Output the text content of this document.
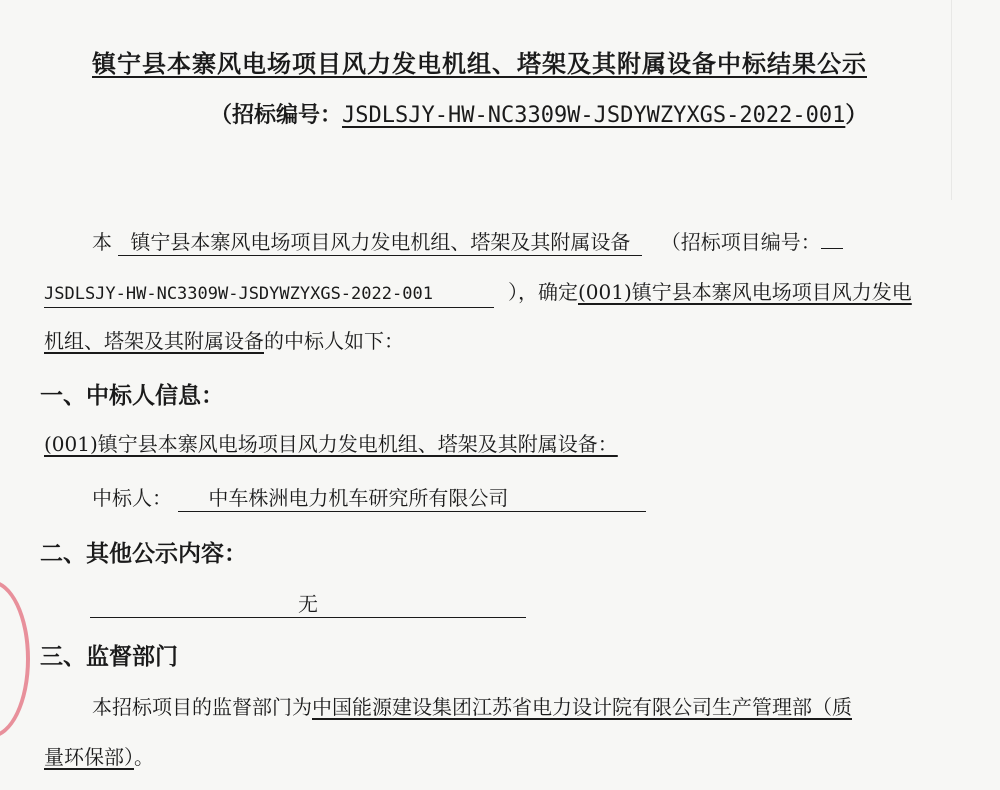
镇宁县本寨风电场项目风力发电机组、塔架及其附属设备中标结果公示
（招标编号：JSDLSJY-HW-NC3309W-JSDYWZYXGS-2022-001）
本 镇宁县本寨风电场项目风力发电机组、塔架及其附属设备 （招标项目编号：
JSDLSJY-HW-NC3309W-JSDYWZYXGS-2022-001	），确定(001)镇宁县本寨风电场项目风力发电
机组、塔架及其附属设备的中标人如下：
一、中标人信息：
(001)镇宁县本寨风电场项目风力发电机组、塔架及其附属设备：
中标人： 中车株洲电力机车研究所有限公司
二、其他公示内容：
无
三、监督部门
本招标项目的监督部门为中国能源建设集团江苏省电力设计院有限公司生产管理部（质
量环保部）。
